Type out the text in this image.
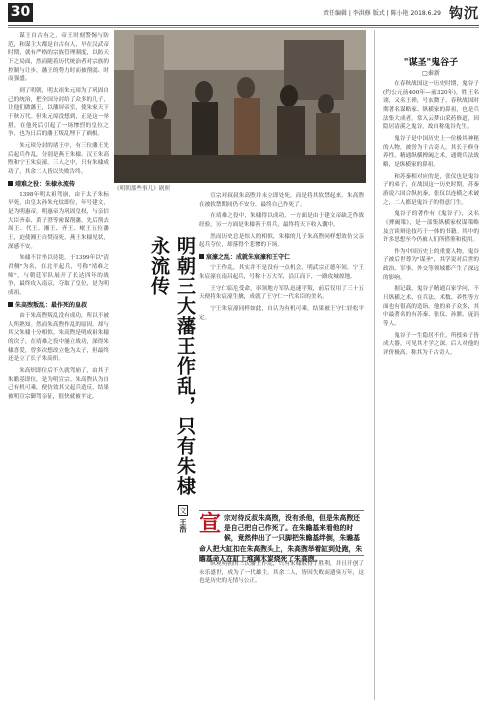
30	责任编辑 | 李洪修 版式 | 陈小艳 2018.6.29 钩沉

谋王自古有之，帝王时刻警惕与防范，和谋主大都是自古有人，早在汉武帝时期，就有严格的宗族管理制度，以防天下之局面，然而随着历代统治者对宗族的控制与让步，藩王的势力时而被削弱、时而强盛。

到了明朝，明太祖朱元璋为了巩固自己的统治，把全国分封给了众多的儿子，让他们做藩王，以藩屏帝室，使朱家天下千秋万代。但朱元璋没想到，正是这一举措，在他死后引起了一场惨烈的皇位之争，也为日后的藩王叛乱埋下了祸根。

朱元璋分封的诸王中，有三位藩王先后起兵作乱，分别是燕王朱棣、汉王朱高煦和宁王朱宸濠。三人之中，只有朱棣成功了，其余二人皆以失败告终。

靖难之役：朱棣永流传

1398年明太祖驾崩，由于太子朱标早死，由皇太孙朱允炆即位，年号建文，是为明惠帝。明惠帝为巩固皇权，与亲信大臣齐泰、黄子澄等密谋削藩，先后削去周王、代王、湘王、齐王、岷王五位藩王，迫使湘王自焚而死，燕王朱棣见状，深感不安。

朱棣不甘坐以待毙，于1399年以"清君侧"为名，在北平起兵，号称"靖难之师"，与朝廷军队展开了长达四年的战争，最终攻入南京，夺取了皇位，是为明成祖。

朱高煦叛乱：最作死的皇叔

由于朱高煦叛乱没有成功，所以不被人所熟知。然而朱高煦作乱的原因，却与其父朱棣十分相似。朱高煦是明成祖朱棣的次子，在靖难之役中屡立战功，深得朱棣喜爱，曾多次想改立他为太子，但最终还是立了长子朱高炽。

朱高炽即位后不久就驾崩了，由其子朱瞻基即位，是为明宣宗。朱高煦认为自己有机可乘，便仿效其父起兵造反，结果被明宣宗御驾亲征，很快就被平定。

《明朝那些事儿》剧照
明朝三大藩王作乱，只有朱棣永流传
文 王浩

宣宗对叔叔朱高煦并未立即处死，而是将其软禁起来。朱高煦在被软禁期间仍不安分，最终自己作死了。

在靖难之役中，朱棣得以成功，一方面是由于建文帝缺乏作战经验，另一方面是朱棣善于用兵，最终将天下收入囊中。

然而历史总是惊人的相似，朱棣的儿子朱高煦同样想效仿父亲起兵夺位，却落得个悲惨的下场。

宸濠之乱：成就朱宸濠和王守仁

宁王作乱，其实并不是没有一点机会，明武宗正德年间，宁王朱宸濠在南昌起兵，号称十万大军，沿江而下，一路攻城掠地。

王守仁临危受命，率领地方军队迅速平叛，前后仅用了三十五天便将朱宸濠生擒，成就了王守仁一代名臣的美名。

宁王朱宸濠同样如此，自认为有机可乘，结果被王守仁轻松平定。

宣 宗对待反叔朱高煦，没有杀他，但是朱高煦还是自己把自己作死了。在朱瞻基来看他的时候，竟然伸出了一只脚把朱瞻基绊倒，朱瞻基命人把大缸扣在朱高煦头上，朱高煦举着缸到处跑，朱瞻基命人在缸上堆满木炭烧死了朱高煦。

纵观明朝的三次藩王作乱，只有朱棣取得了胜利，并且开创了永乐盛世，成为了一代雄主。其余二人，皆因失败而遗臭万年，这也是历史的无情与公正。

"谋圣"鬼谷子
□秦新

在春秋战国这一历史时期，鬼谷子(约公元前400年—前320年)，姓王名诩，又名王禅，号玄微子，春秋战国时期著名谋略家、纵横家的鼻祖，也是兵法集大成者。常入云梦山采药修道，因隐居清溪之鬼谷，故自称鬼谷先生。

鬼谷子是中国历史上一位极其神秘的人物，被誉为千古奇人，其长于修身养性，精通纵横捭阖之术，通晓兵法战略，是纵横家的鼻祖。

和苏秦相对应的是，张仪也是鬼谷子的弟子，在战国这一历史时期，苏秦游说六国合纵抗秦，张仪以连横之术破之，二人都是鬼谷子的得意门生。

鬼谷子的著作有《鬼谷子》，又名《捭阖策》，是一部集纵横家权谋策略及言谈辩论技巧于一体的书籍。其中的许多思想至今仍被人们所借鉴和使用。

作为中国历史上的重要人物，鬼谷子被后世尊为"谋圣"，其学说对后世的政治、军事、外交等领域都产生了深远的影响。

据记载，鬼谷子精通百家学问，不只纵横之术，在兵法、术数、养性等方面也有很高的造诣。他的弟子众多，其中最著名的有苏秦、张仪、孙膑、庞涓等人。

鬼谷子一生隐居不仕，所授弟子皆成大器，可见其才学之深。后人对他的评价极高，称其为千古奇人。
